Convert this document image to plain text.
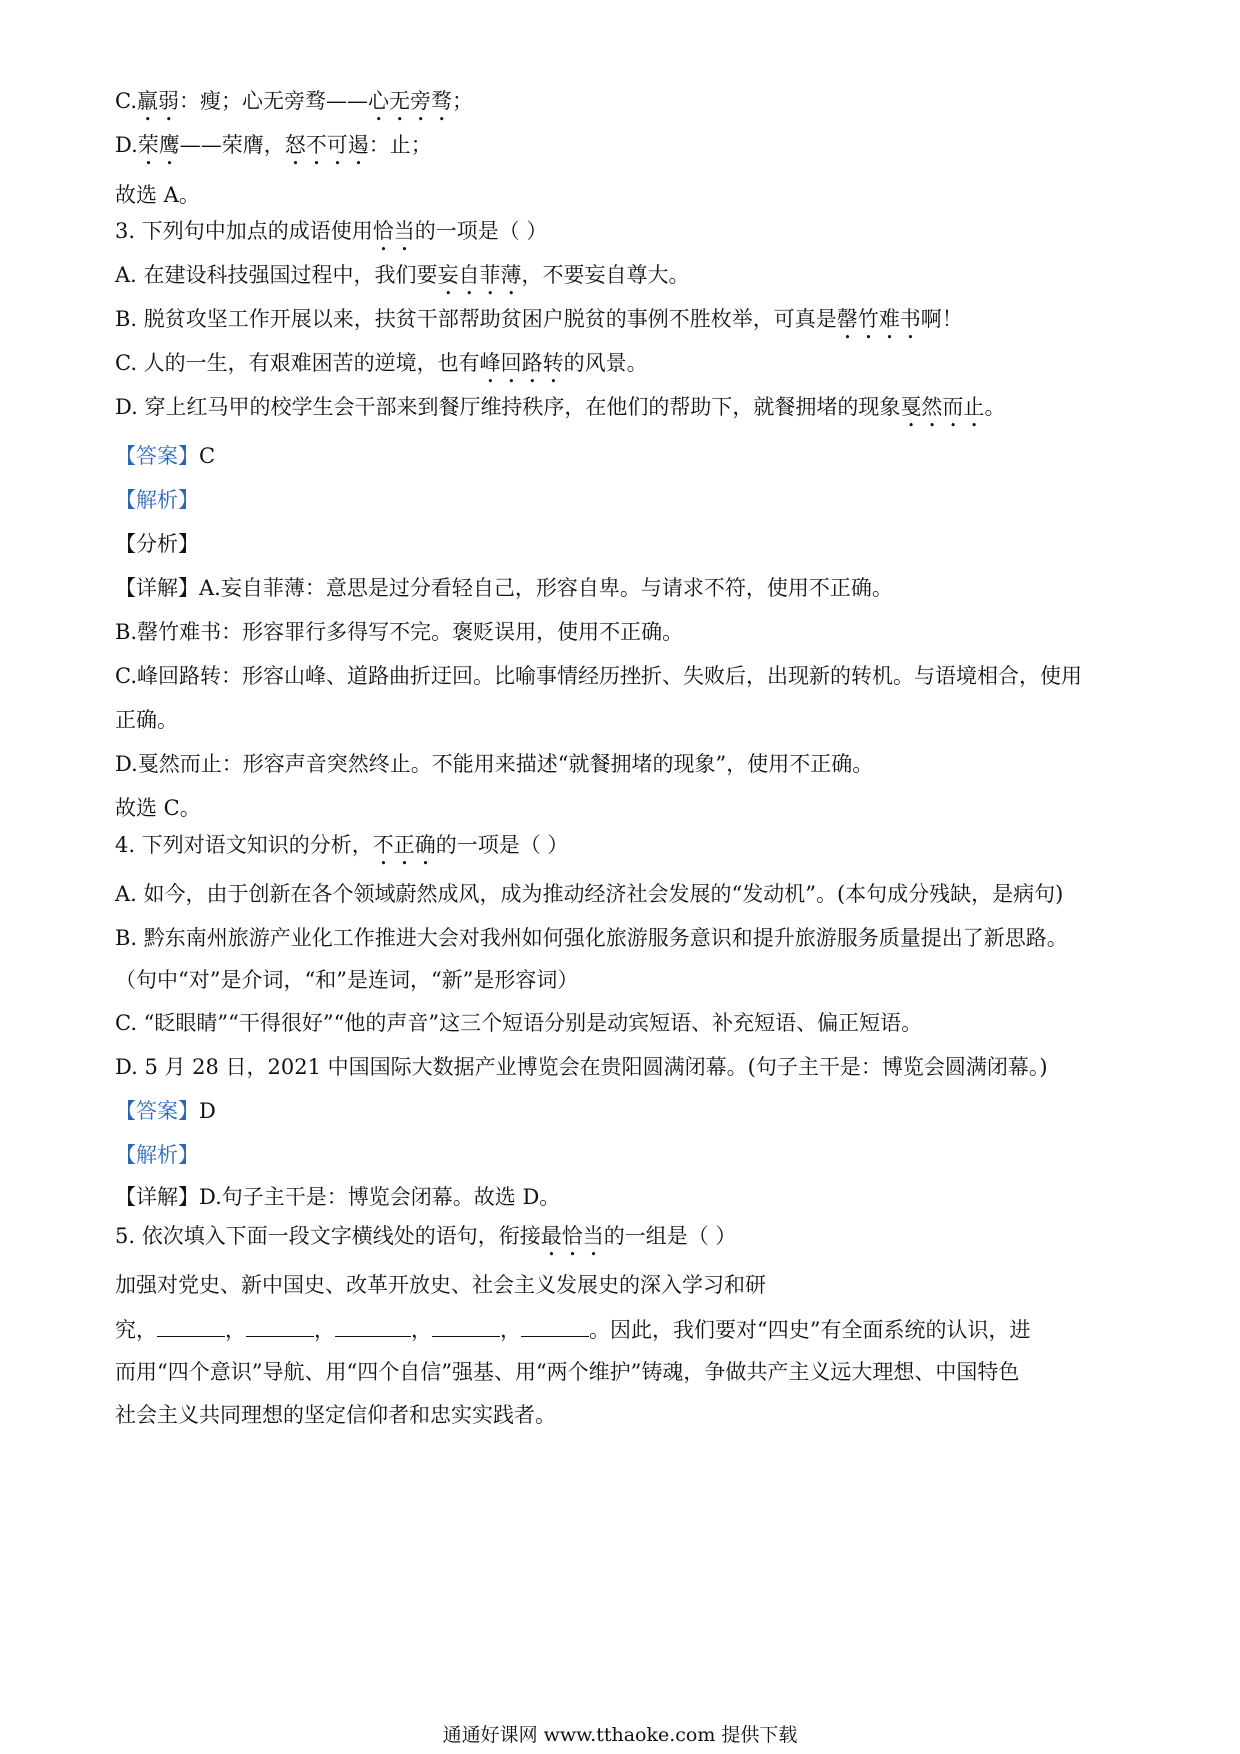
C.羸弱：瘦；心无旁骛——心无旁骛；
D.荣鹰——荣膺，怒不可遏：止；
故选 A。
3. 下列句中加点的成语使用恰当的一项是（ ）
A. 在建设科技强国过程中，我们要妄自菲薄，不要妄自尊大。
B. 脱贫攻坚工作开展以来，扶贫干部帮助贫困户脱贫的事例不胜枚举，可真是罄竹难书啊！
C. 人的一生，有艰难困苦的逆境，也有峰回路转的风景。
D. 穿上红马甲的校学生会干部来到餐厅维持秩序，在他们的帮助下，就餐拥堵的现象戛然而止。
【答案】C
【解析】
【分析】
【详解】A.妄自菲薄：意思是过分看轻自己，形容自卑。与请求不符，使用不正确。
B.罄竹难书：形容罪行多得写不完。褒贬误用，使用不正确。
C.峰回路转：形容山峰、道路曲折迂回。比喻事情经历挫折、失败后，出现新的转机。与语境相合，使用
正确。
D.戛然而止：形容声音突然终止。不能用来描述“就餐拥堵的现象”，使用不正确。
故选 C。
4. 下列对语文知识的分析，不正确的一项是（ ）
A. 如今，由于创新在各个领域蔚然成风，成为推动经济社会发展的“发动机”。(本句成分残缺，是病句)
B. 黔东南州旅游产业化工作推进大会对我州如何强化旅游服务意识和提升旅游服务质量提出了新思路。
（句中“对”是介词，“和”是连词，“新”是形容词）
C. “眨眼睛”“干得很好”“他的声音”这三个短语分别是动宾短语、补充短语、偏正短语。
D. 5 月 28 日，2021 中国国际大数据产业博览会在贵阳圆满闭幕。(句子主干是：博览会圆满闭幕。)
【答案】D
【解析】
【详解】D.句子主干是：博览会闭幕。故选 D。
5. 依次填入下面一段文字横线处的语句，衔接最恰当的一组是（ ）
加强对党史、新中国史、改革开放史、社会主义发展史的深入学习和研
究，	，	，	，	，	。因此，我们要对“四史”有全面系统的认识，进
而用“四个意识”导航、用“四个自信”强基、用“两个维护”铸魂，争做共产主义远大理想、中国特色
社会主义共同理想的坚定信仰者和忠实实践者。
通通好课网 www.tthaoke.com 提供下载
